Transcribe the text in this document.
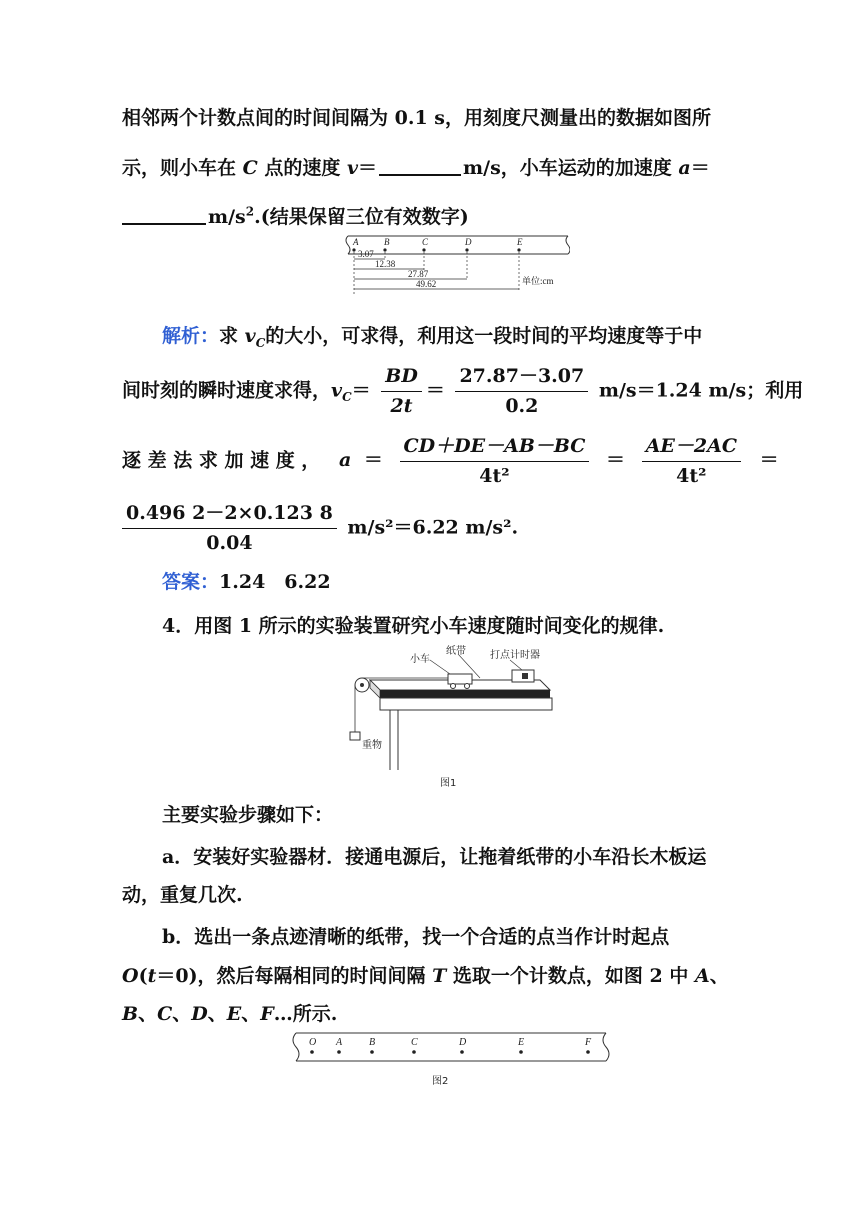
相邻两个计数点间的时间间隔为 0.1 s，用刻度尺测量出的数据如图所
示，则小车在 C 点的速度 v＝	m/s，小车运动的加速度 a＝
$m/s^2$.(结果保留三位有效数字)
A	B	C	D	E
3.07
12.38
27.87
49.62	单位:cm
解析：求 $v_C$的大小，可求得，利用这一段时间的平均速度等于中
间时刻的瞬时速度求得，$v_C= \frac{BD}{2t} = \frac{27.87-3.07}{0.2} m/s=1.24$ m/s；利用
逐 差 法 求 加 速 度 ， $a = \frac{CD+DE-AB-BC}{\text{4t²}} = \frac{AE-2AC}{\text{4t²}}$ ＝
$\frac{0.496 2-2\times 0.123 8}{0.04} m/s^2=6.22$ m/s².
答案：1.24　6.22
4．用图 1 所示的实验装置研究小车速度随时间变化的规律.
小车
纸带 打点计时器
重物
图1
主要实验步骤如下：
a．安装好实验器材．接通电源后，让拖着纸带的小车沿长木板运
动，重复几次.
b．选出一条点迹清晰的纸带，找一个合适的点当作计时起点
O(t＝0)，然后每隔相同的时间间隔 T 选取一个计数点，如图 2 中 A、
B、C、D、E、F…所示.
O A	B	C	D	E	F
图2
